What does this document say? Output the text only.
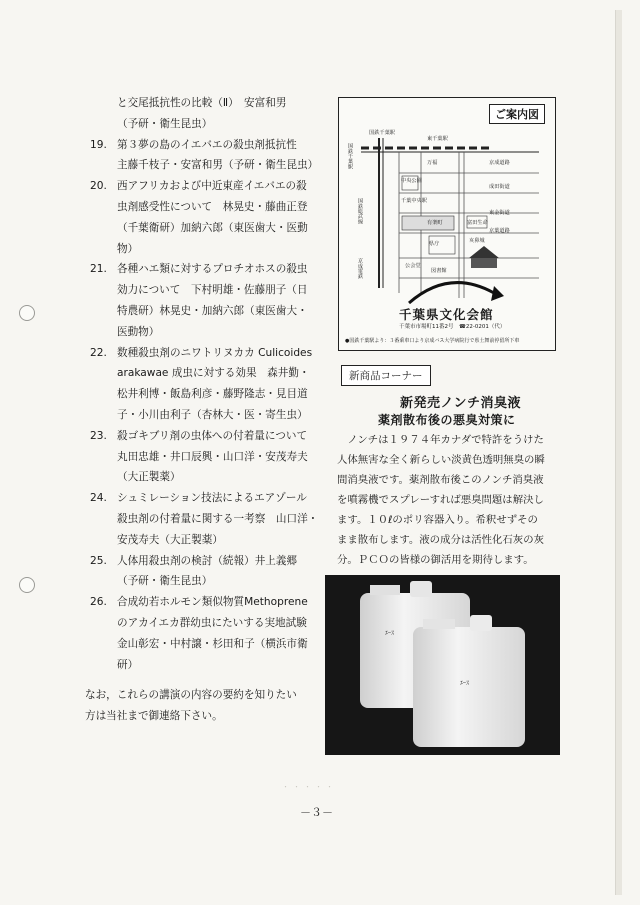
と交尾抵抗性の比較（Ⅱ）　安富和男
（予研・衛生昆虫）
19. 第３夢の島のイエバエの殺虫剤抵抗性
主藤千枝子・安富和男（予研・衛生昆虫）
20. 西アフリカおよび中近東産イエバエの殺
虫剤感受性について　林晃史・藤曲正登
（千葉衛研）加納六郎（東医歯大・医動
物）
21. 各種ハエ類に対するプロチオホスの殺虫
効力について　下村明雄・佐藤朋子（日
特農研）林晃史・加納六郎（東医歯大・
医動物）
22. 数種殺虫剤のニワトリヌカカ Culicoides
arakawae 成虫に対する効果　森井勤・
松井利博・飯島利彦・藤野隆志・見目道
子・小川由利子（杏林大・医・寄生虫）
23. 殺ゴキブリ剤の虫体への付着量について
丸田忠雄・井口辰興・山口洋・安茂寿夫
（大正製薬）
24. シュミレーション技法によるエアゾール
殺虫剤の付着量に関する一考察　山口洋・
安茂寿夫（大正製薬）
25. 人体用殺虫剤の検討（続報）井上義郷
（予研・衛生昆虫）
26. 合成幼若ホルモン類似物質Methoprene
のアカイエカ群幼虫にたいする実地試験
金山彰宏・中村譲・杉田和子（横浜市衛
研）
なお，これらの講演の内容の要約を知りたい
方は当社まで御連絡下さい。
ご案内図
国鉄千葉駅
東千葉駅
京成道路
万福
中央公園
千葉中央駅
成田街道
県庁	亥鼻城
有楽町	富田生命
東金街道
図書館
公会堂
京葉道路
国鉄千葉駅
国鉄総武線
京成電鉄
千葉県文化会館
千葉市市場町11番2号　☎22-0201（代）
●国鉄千葉駅より：３番乗車口より京成バス大学病院行で県土舞前停留所下車
新商品コーナー
新発売ノンチ消臭液
薬剤散布後の悪臭対策に
　ノンチは１９７４年カナダで特許をうけた
人体無害な全く新らしい淡黄色透明無臭の瞬
間消臭液です。薬剤散布後このノンチ消臭液
を噴霧機でスプレーすれば悪臭問題は解決し
ます。１０ℓのポリ容器入り。希釈せずその
まま散布します。液の成分は活性化石灰の灰
分。ＰＣＯの皆様の御活用を期待します。
ｴｰｽ
ｴｰｽ
・・・・・
－３－
